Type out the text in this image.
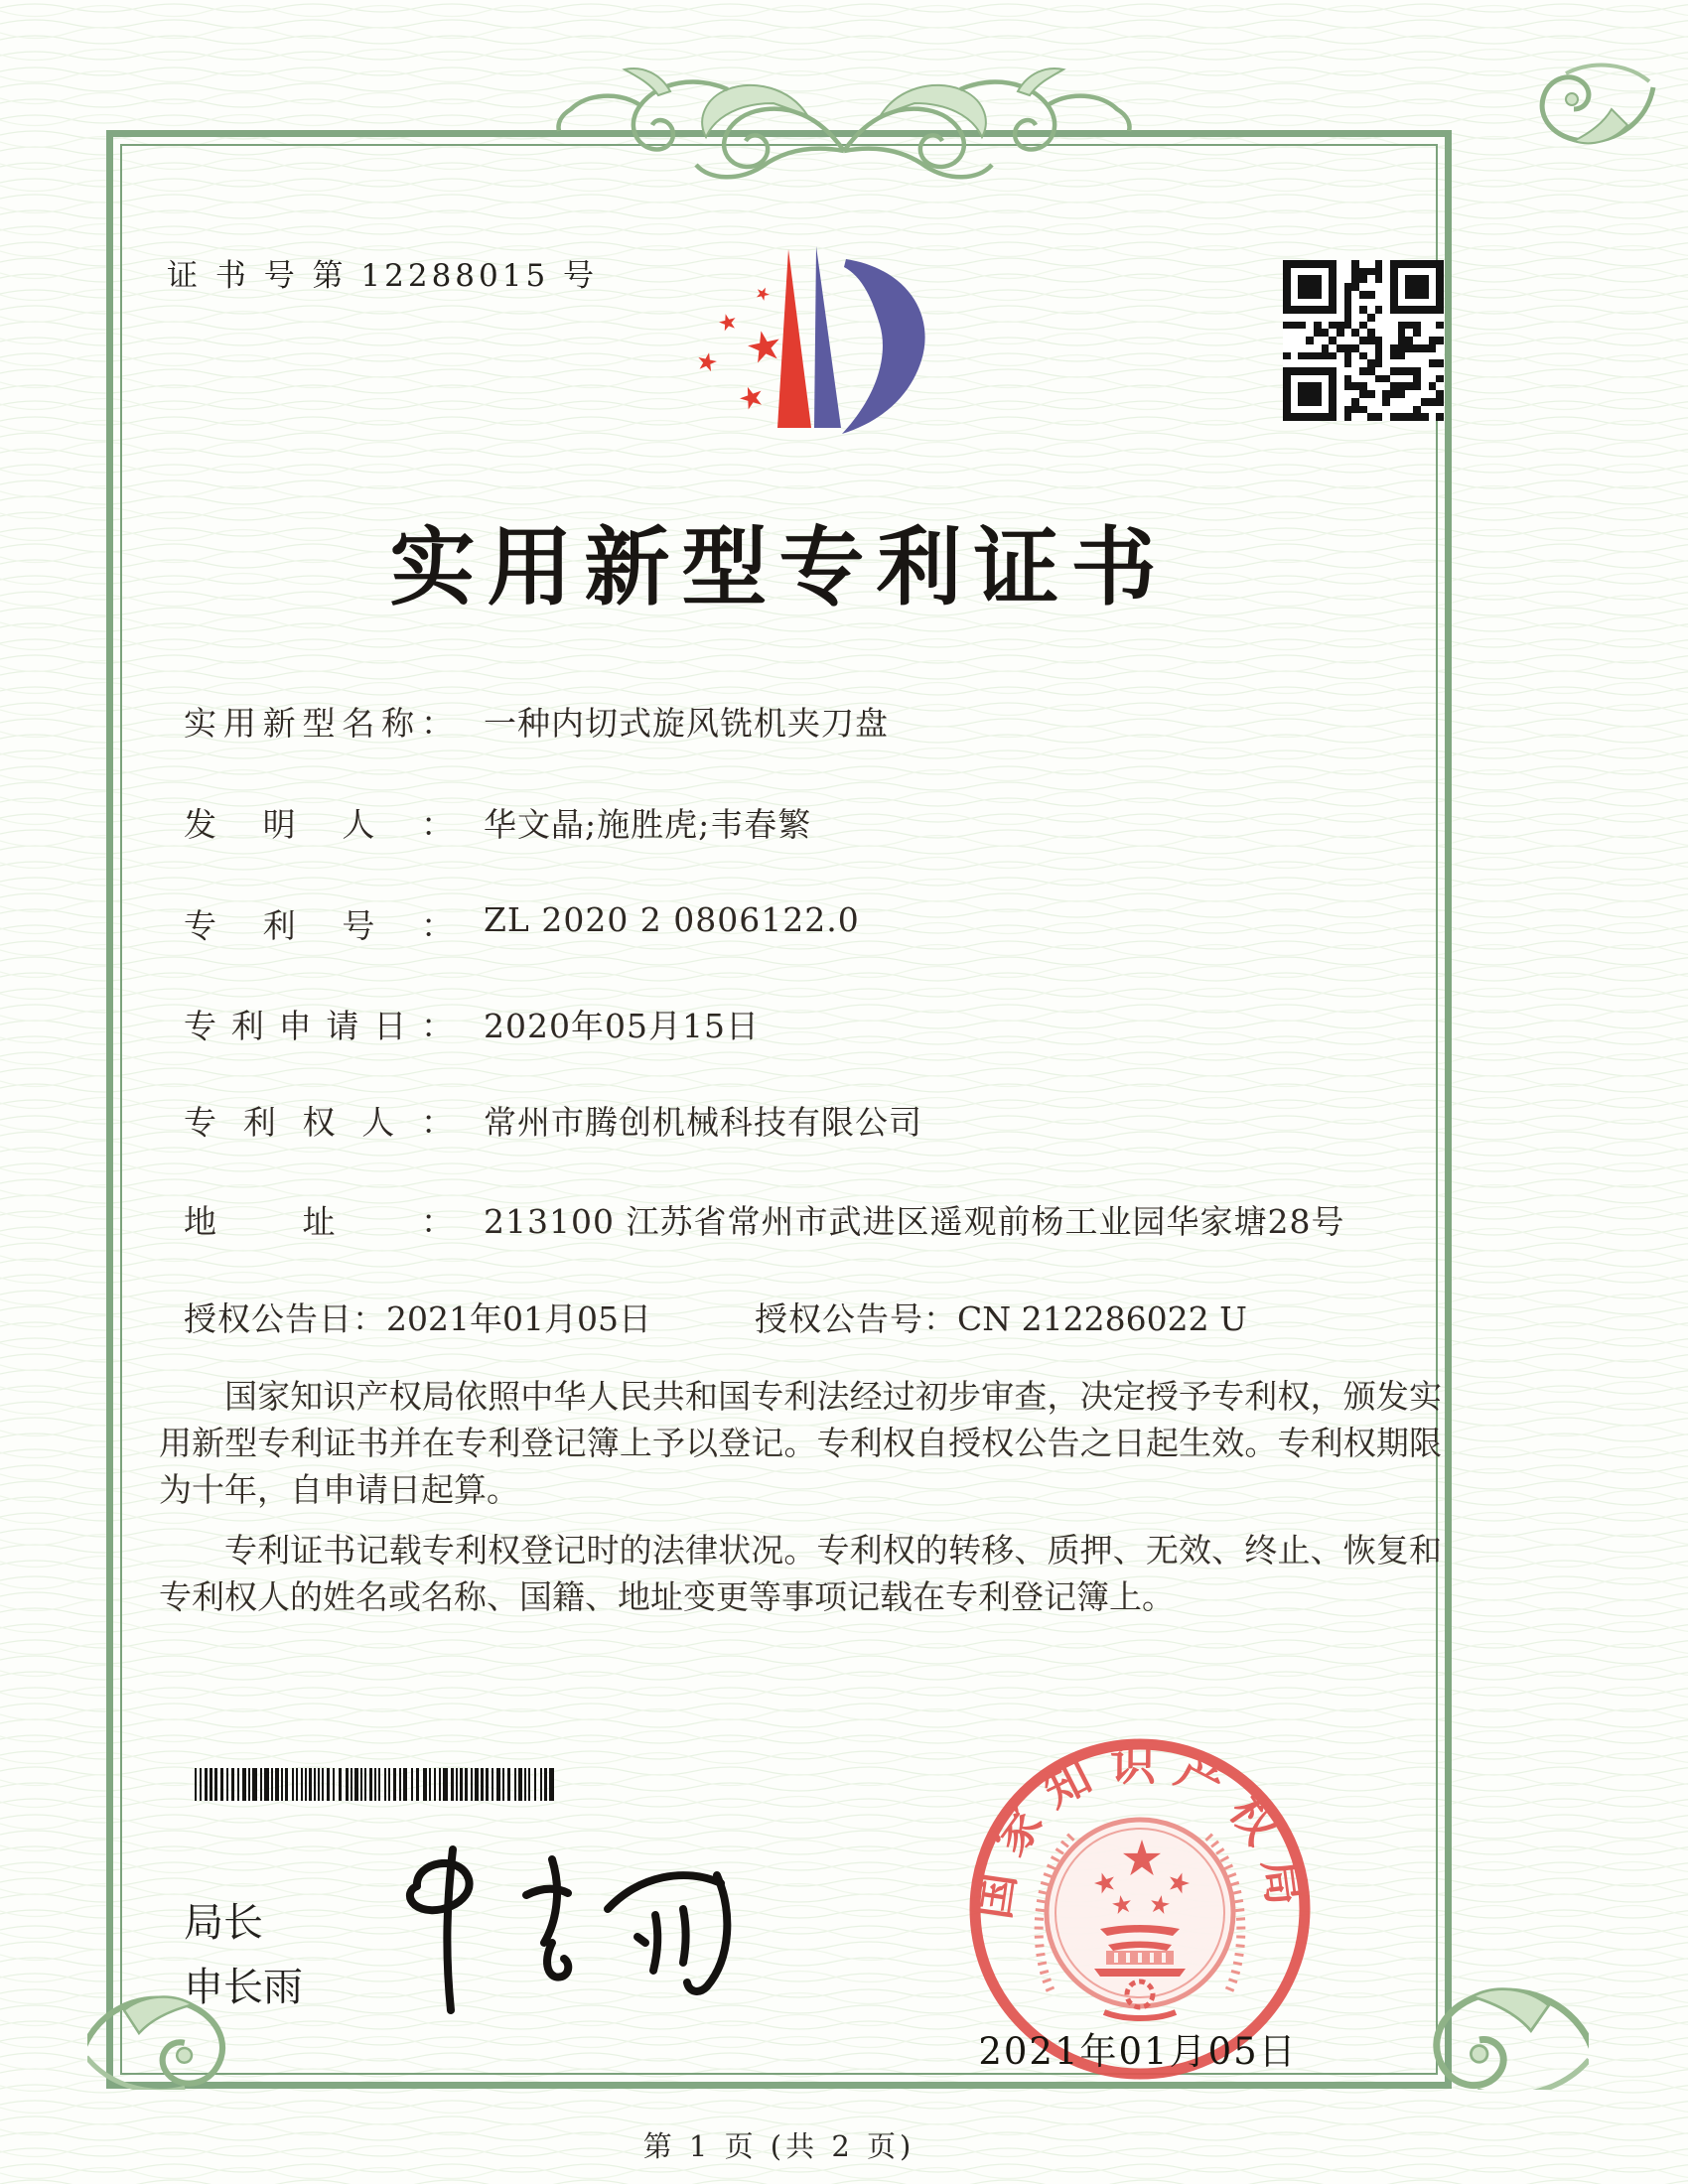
证 书 号 第 12288015 号
实用新型专利证书
实用新型名称： 一种内切式旋风铣机夹刀盘
发明人： 华文晶;施胜虎;韦春繁
专利号： ZL 2020 2 0806122.0
专利申请日： 2020年05月15日
专利权人： 常州市腾创机械科技有限公司
地址： 213100 江苏省常州市武进区遥观前杨工业园华家塘28号
授权公告日：2021年01月05日	授权公告号：CN 212286022 U

国家知识产权局依照中华人民共和国专利法经过初步审查，决定授予专利权，颁发实用新型专利证书并在专利登记簿上予以登记。专利权自授权公告之日起生效。专利权期限为十年，自申请日起算。

专利证书记载专利权登记时的法律状况。专利权的转移、质押、无效、终止、恢复和专利权人的姓名或名称、国籍、地址变更等事项记载在专利登记簿上。

局长
申长雨
国家知识产权局
2021年01月05日
第 1 页 (共 2 页)
